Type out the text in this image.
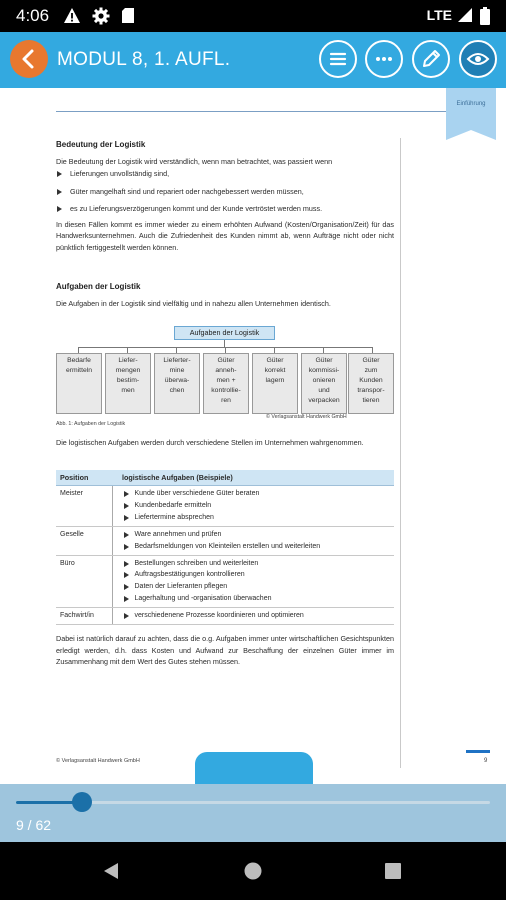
4:06	LTE
MODUL 8, 1. AUFL.
Einführung
Bedeutung der Logistik
Die Bedeutung der Logistik wird verständlich, wenn man betrachtet, was passiert wenn
Lieferungen unvollständig sind,
Güter mangelhaft sind und repariert oder nachgebessert werden müssen,
es zu Lieferungsverzögerungen kommt und der Kunde vertröstet werden muss.
In diesen Fällen kommt es immer wieder zu einem erhöhten Aufwand (Kosten/Organisation/Zeit) für das Handwerksunternehmen. Auch die Zufriedenheit des Kunden nimmt ab, wenn Aufträge nicht oder nicht pünktlich fertiggestellt werden können.
Aufgaben der Logistik
Die Aufgaben in der Logistik sind vielfältig und in nahezu allen Unternehmen identisch.
Aufgaben der Logistik
Bedarfe
ermitteln
Liefer-
mengen
bestim-
men
Lieferter-
mine
überwa-
chen
Güter
anneh-
men +
kontrollie-
ren
Güter
korrekt
lagern
Güter
kommissi-
onieren
und
verpacken
Güter
zum
Kunden
transpor-
tieren
© Verlagsanstalt Handwerk GmbH
Abb. 1: Aufgaben der Logistik
Die logistischen Aufgaben werden durch verschiedene Stellen im Unternehmen wahrgenommen.
Position	logistische Aufgaben (Beispiele)
Meister	Kunde über verschiedene Güter beraten
Kundenbedarfe ermitteln
Liefertermine absprechen

Geselle	Ware annehmen und prüfen
Bedarfsmeldungen von Kleinteilen erstellen und weiterleiten

Büro	Bestellungen schreiben und weiterleiten
Auftragsbestätigungen kontrollieren
Daten der Lieferanten pflegen
Lagerhaltung und -organisation überwachen

Fachwirt/in	verschiedenene Prozesse koordinieren und optimieren
Dabei ist natürlich darauf zu achten, dass die o.g. Aufgaben immer unter wirtschaftlichen Gesichtspunkten erledigt werden, d.h. dass Kosten und Aufwand zur Beschaffung der einzelnen Güter immer im Zusammenhang mit dem Wert des Gutes stehen müssen.
© Verlagsanstalt Handwerk GmbH	9
9 / 62
